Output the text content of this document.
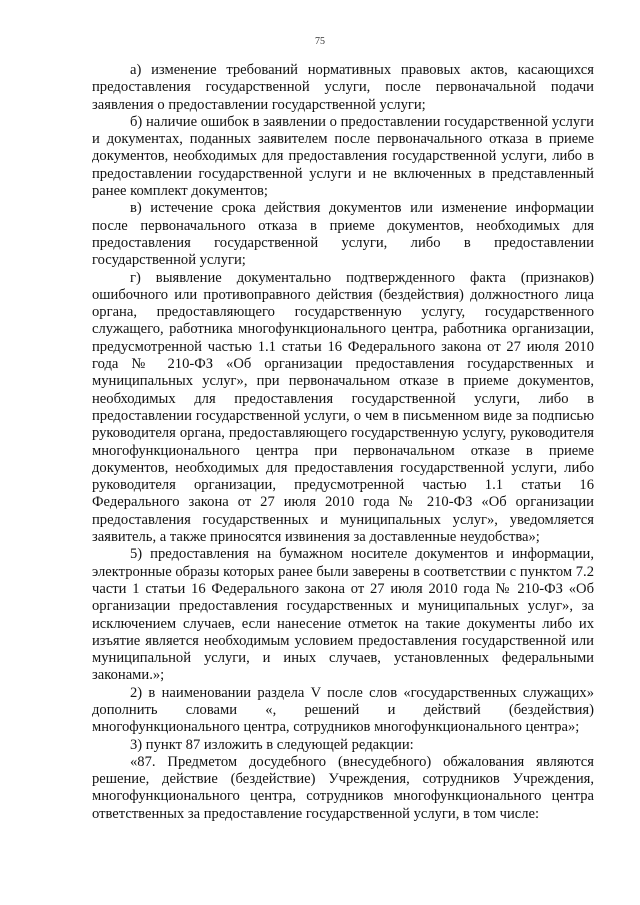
75

а) изменение требований нормативных правовых актов, касающихся предоставления государственной услуги, после первоначальной подачи заявления о предоставлении государственной услуги;

б) наличие ошибок в заявлении о предоставлении государственной услуги и документах, поданных заявителем после первоначального отказа в приеме документов, необходимых для предоставления государственной услуги, либо в предоставлении государственной услуги и не включенных в представленный ранее комплект документов;

в) истечение срока действия документов или изменение информации после первоначального отказа в приеме документов, необходимых для предоставления государственной услуги, либо в предоставлении государственной услуги;

г) выявление документально подтвержденного факта (признаков) ошибочного или противоправного действия (бездействия) должностного лица органа, предоставляющего государственную услугу, государственного служащего, работника многофункционального центра, работника организации, предусмотренной частью 1.1 статьи 16 Федерального закона от 27 июля 2010 года № 210-ФЗ «Об организации предоставления государственных и муниципальных услуг», при первоначальном отказе в приеме документов, необходимых для предоставления государственной услуги, либо в предоставлении государственной услуги, о чем в письменном виде за подписью руководителя органа, предоставляющего государственную услугу, руководителя многофункционального центра при первоначальном отказе в приеме документов, необходимых для предоставления государственной услуги, либо руководителя организации, предусмотренной частью 1.1 статьи 16 Федерального закона от 27 июля 2010 года № 210-ФЗ «Об организации предоставления государственных и муниципальных услуг», уведомляется заявитель, а также приносятся извинения за доставленные неудобства»;

5) предоставления на бумажном носителе документов и информации, электронные образы которых ранее были заверены в соответствии с пунктом 7.2 части 1 статьи 16 Федерального закона от 27 июля 2010 года № 210-ФЗ «Об организации предоставления государственных и муниципальных услуг», за исключением случаев, если нанесение отметок на такие документы либо их изъятие является необходимым условием предоставления государственной или муниципальной услуги, и иных случаев, установленных федеральными законами.»;

2) в наименовании раздела V после слов «государственных служащих» дополнить словами «, решений и действий (бездействия) многофункционального центра, сотрудников многофункционального центра»;

3) пункт 87 изложить в следующей редакции:

«87. Предметом досудебного (внесудебного) обжалования являются решение, действие (бездействие) Учреждения, сотрудников Учреждения, многофункционального центра, сотрудников многофункционального центра ответственных за предоставление государственной услуги, в том числе:
